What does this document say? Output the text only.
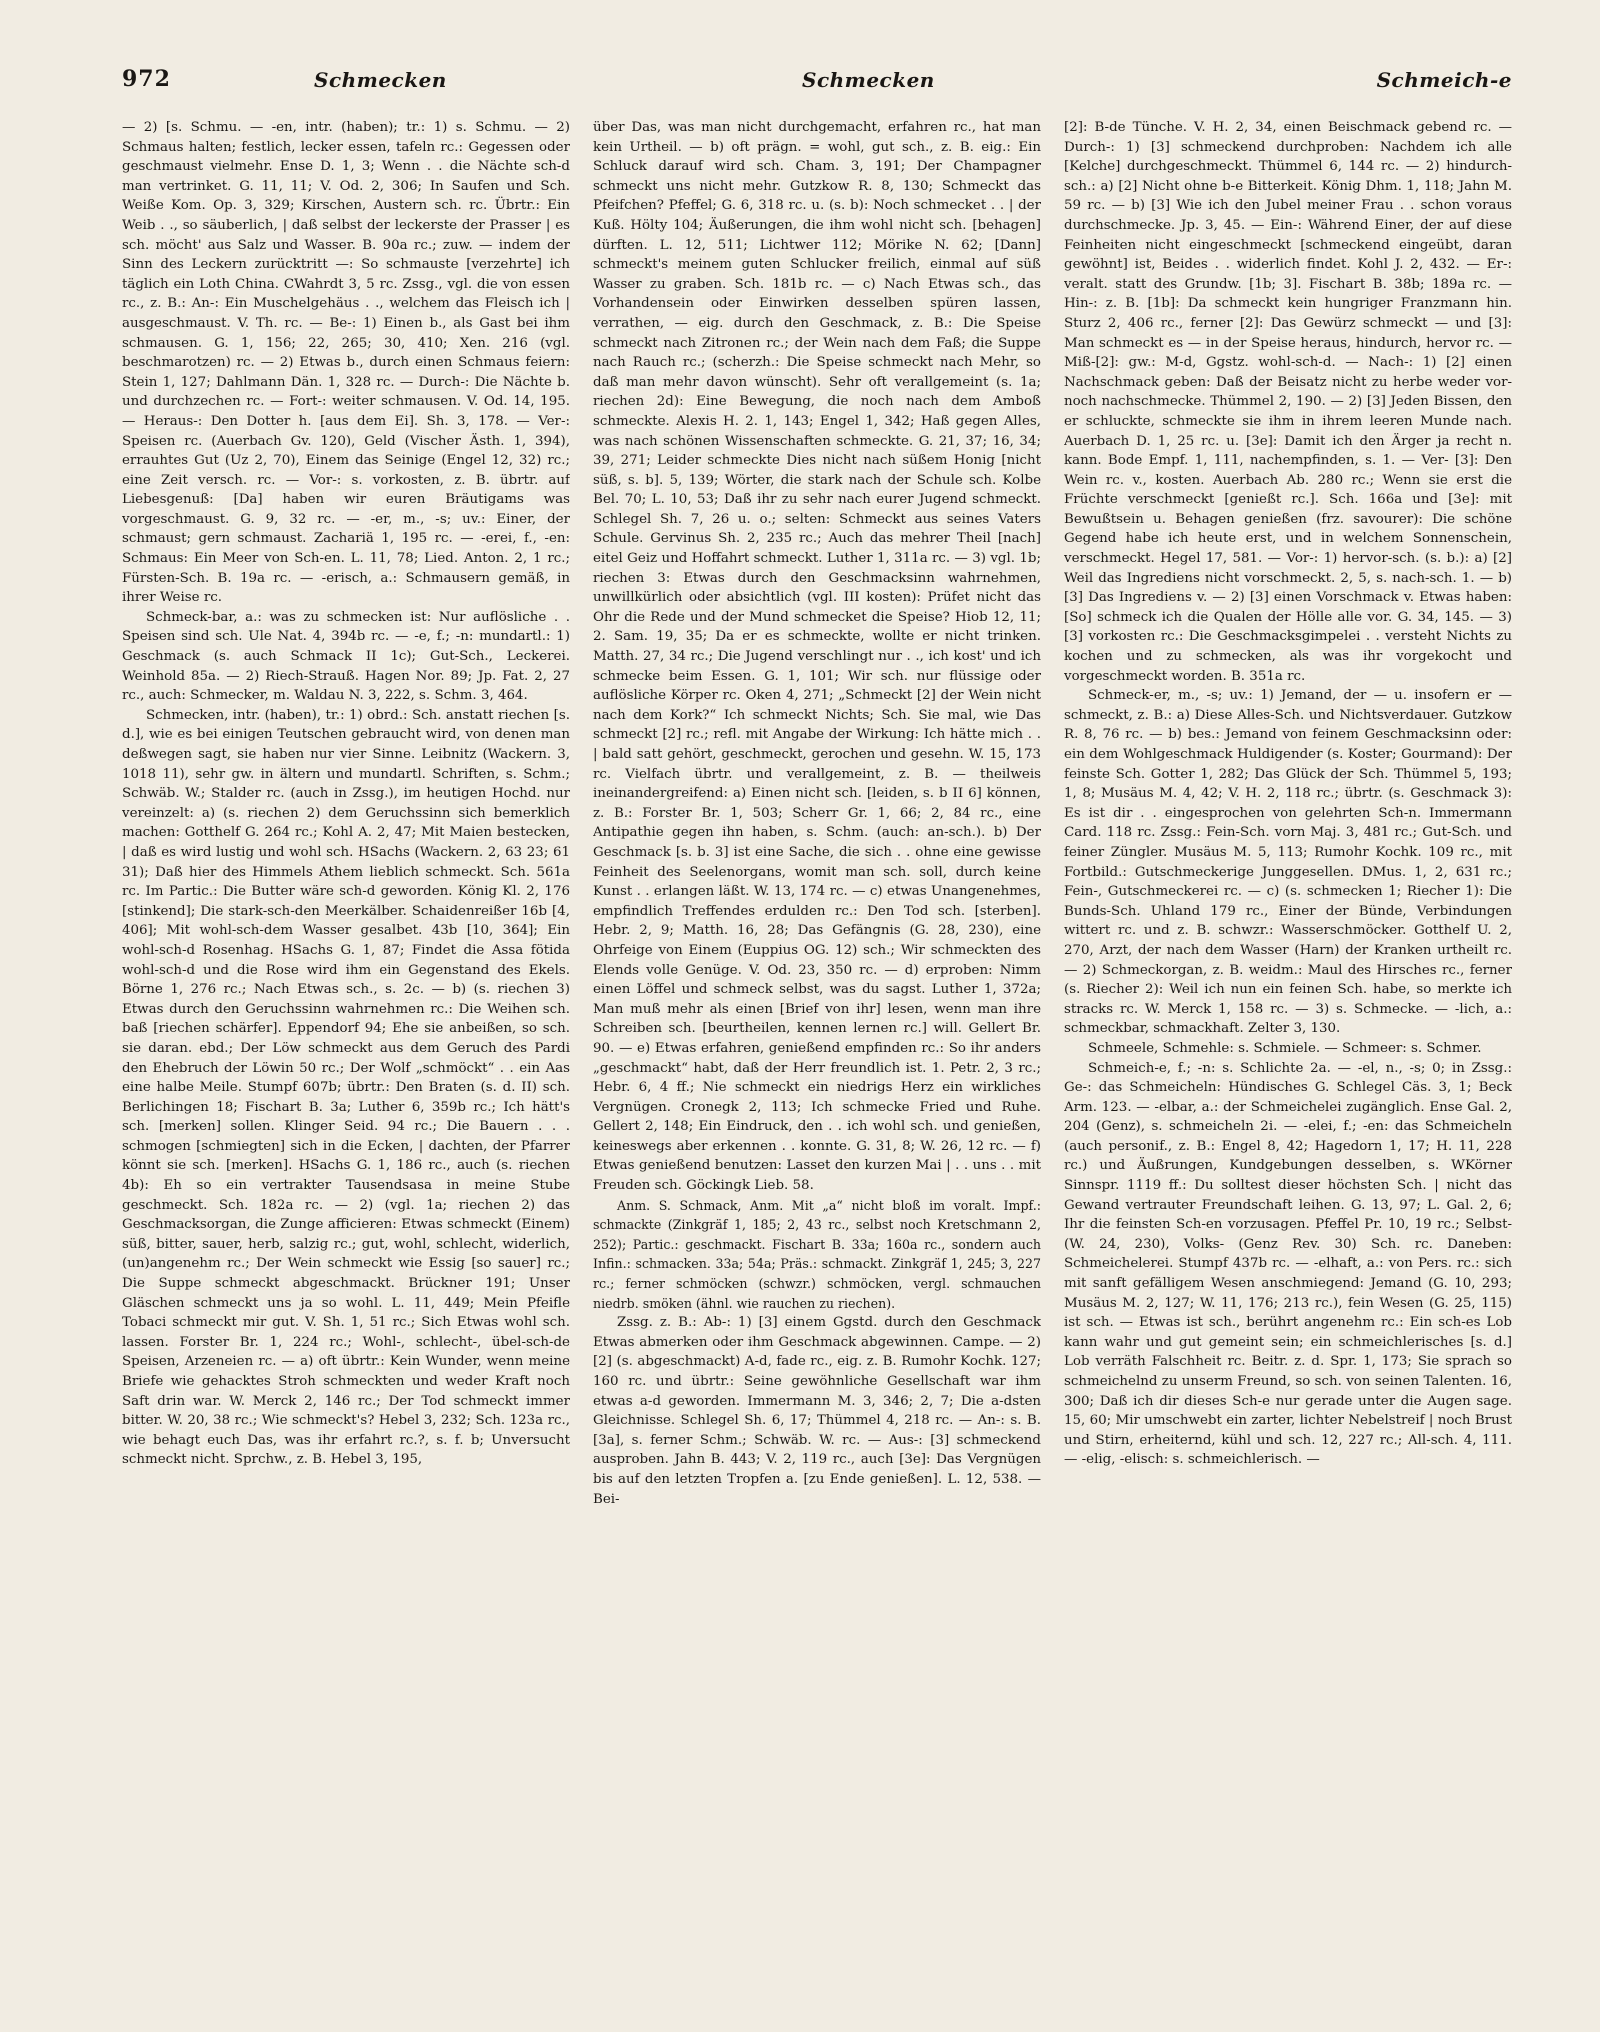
972	Schmecken	Schmecken	Schmeich-e

— 2) [s. Schmu. — -en, intr. (haben); tr.: 1) s. Schmu. — 2) Schmaus halten; festlich, lecker essen, tafeln rc.: Gegessen oder geschmaust vielmehr. Ense D. 1, 3; Wenn . . die Nächte sch-d man vertrinket. G. 11, 11; V. Od. 2, 306; In Saufen und Sch. Weiße Kom. Op. 3, 329; Kirschen, Austern sch. rc. Übrtr.: Ein Weib . ., so säuberlich, | daß selbst der leckerste der Prasser | es sch. möcht' aus Salz und Wasser. B. 90a rc.; zuw. — indem der Sinn des Leckern zurücktritt —: So schmauste [verzehrte] ich täglich ein Loth China. CWahrdt 3, 5 rc. Zssg., vgl. die von essen rc., z. B.: An-: Ein Muschelgehäus . ., welchem das Fleisch ich | ausgeschmaust. V. Th. rc. — Be-: 1) Einen b., als Gast bei ihm schmausen. G. 1, 156; 22, 265; 30, 410; Xen. 216 (vgl. beschmarotzen) rc. — 2) Etwas b., durch einen Schmaus feiern: Stein 1, 127; Dahlmann Dän. 1, 328 rc. — Durch-: Die Nächte b. und durchzechen rc. — Fort-: weiter schmausen. V. Od. 14, 195. — Heraus-: Den Dotter h. [aus dem Ei]. Sh. 3, 178. — Ver-: Speisen rc. (Auerbach Gv. 120), Geld (Vischer Ästh. 1, 394), errauhtes Gut (Uz 2, 70), Einem das Seinige (Engel 12, 32) rc.; eine Zeit versch. rc. — Vor-: s. vorkosten, z. B. übrtr. auf Liebesgenuß: [Da] haben wir euren Bräutigams was vorgeschmaust. G. 9, 32 rc. — -er, m., -s; uv.: Einer, der schmaust; gern schmaust. Zachariä 1, 195 rc. — -erei, f., -en: Schmaus: Ein Meer von Sch-en. L. 11, 78; Lied. Anton. 2, 1 rc.; Fürsten-Sch. B. 19a rc. — -erisch, a.: Schmausern gemäß, in ihrer Weise rc.

Schmeck-bar, a.: was zu schmecken ist: Nur auflösliche . . Speisen sind sch. Ule Nat. 4, 394b rc. — -e, f.; -n: mundartl.: 1) Geschmack (s. auch Schmack II 1c); Gut-Sch., Leckerei. Weinhold 85a. — 2) Riech-Strauß. Hagen Nor. 89; Jp. Fat. 2, 27 rc., auch: Schmecker, m. Waldau N. 3, 222, s. Schm. 3, 464.

Schmecken, intr. (haben), tr.: 1) obrd.: Sch. anstatt riechen [s. d.], wie es bei einigen Teutschen gebraucht wird, von denen man deßwegen sagt, sie haben nur vier Sinne. Leibnitz (Wackern. 3, 1018 11), sehr gw. in ältern und mundartl. Schriften, s. Schm.; Schwäb. W.; Stalder rc. (auch in Zssg.), im heutigen Hochd. nur vereinzelt: a) (s. riechen 2) dem Geruchssinn sich bemerklich machen: Gotthelf G. 264 rc.; Kohl A. 2, 47; Mit Maien bestecken, | daß es wird lustig und wohl sch. HSachs (Wackern. 2, 63 23; 61 31); Daß hier des Himmels Athem lieblich schmeckt. Sch. 561a rc. Im Partic.: Die Butter wäre sch-d geworden. König Kl. 2, 176 [stinkend]; Die stark-sch-den Meerkälber. Schaidenreißer 16b [4, 406]; Mit wohl-sch-dem Wasser gesalbet. 43b [10, 364]; Ein wohl-sch-d Rosenhag. HSachs G. 1, 87; Findet die Assa fötida wohl-sch-d und die Rose wird ihm ein Gegenstand des Ekels. Börne 1, 276 rc.; Nach Etwas sch., s. 2c. — b) (s. riechen 3) Etwas durch den Geruchssinn wahrnehmen rc.: Die Weihen sch. baß [riechen schärfer]. Eppendorf 94; Ehe sie anbeißen, so sch. sie daran. ebd.; Der Löw schmeckt aus dem Geruch des Pardi den Ehebruch der Löwin 50 rc.; Der Wolf „schmöckt“ . . ein Aas eine halbe Meile. Stumpf 607b; übrtr.: Den Braten (s. d. II) sch. Berlichingen 18; Fischart B. 3a; Luther 6, 359b rc.; Ich hätt's sch. [merken] sollen. Klinger Seid. 94 rc.; Die Bauern . . . schmogen [schmiegten] sich in die Ecken, | dachten, der Pfarrer könnt sie sch. [merken]. HSachs G. 1, 186 rc., auch (s. riechen 4b): Eh so ein vertrakter Tausendsasa in meine Stube geschmeckt. Sch. 182a rc. — 2) (vgl. 1a; riechen 2) das Geschmacksorgan, die Zunge afficieren: Etwas schmeckt (Einem) süß, bitter, sauer, herb, salzig rc.; gut, wohl, schlecht, widerlich, (un)angenehm rc.; Der Wein schmeckt wie Essig [so sauer] rc.; Die Suppe schmeckt abgeschmackt. Brückner 191; Unser Gläschen schmeckt uns ja so wohl. L. 11, 449; Mein Pfeifle Tobaci schmeckt mir gut. V. Sh. 1, 51 rc.; Sich Etwas wohl sch. lassen. Forster Br. 1, 224 rc.; Wohl-, schlecht-, übel-sch-de Speisen, Arzeneien rc. — a) oft übrtr.: Kein Wunder, wenn meine Briefe wie gehacktes Stroh schmeckten und weder Kraft noch Saft drin war. W. Merck 2, 146 rc.; Der Tod schmeckt immer bitter. W. 20, 38 rc.; Wie schmeckt's? Hebel 3, 232; Sch. 123a rc., wie behagt euch Das, was ihr erfahrt rc.?, s. f. b; Unversucht schmeckt nicht. Sprchw., z. B. Hebel 3, 195,

über Das, was man nicht durchgemacht, erfahren rc., hat man kein Urtheil. — b) oft prägn. = wohl, gut sch., z. B. eig.: Ein Schluck darauf wird sch. Cham. 3, 191; Der Champagner schmeckt uns nicht mehr. Gutzkow R. 8, 130; Schmeckt das Pfeifchen? Pfeffel; G. 6, 318 rc. u. (s. b): Noch schmecket . . | der Kuß. Hölty 104; Äußerungen, die ihm wohl nicht sch. [behagen] dürften. L. 12, 511; Lichtwer 112; Mörike N. 62; [Dann] schmeckt's meinem guten Schlucker freilich, einmal auf süß Wasser zu graben. Sch. 181b rc. — c) Nach Etwas sch., das Vorhandensein oder Einwirken desselben spüren lassen, verrathen, — eig. durch den Geschmack, z. B.: Die Speise schmeckt nach Zitronen rc.; der Wein nach dem Faß; die Suppe nach Rauch rc.; (scherzh.: Die Speise schmeckt nach Mehr, so daß man mehr davon wünscht). Sehr oft verallgemeint (s. 1a; riechen 2d): Eine Bewegung, die noch nach dem Amboß schmeckte. Alexis H. 2. 1, 143; Engel 1, 342; Haß gegen Alles, was nach schönen Wissenschaften schmeckte. G. 21, 37; 16, 34; 39, 271; Leider schmeckte Dies nicht nach süßem Honig [nicht süß, s. b]. 5, 139; Wörter, die stark nach der Schule sch. Kolbe Bel. 70; L. 10, 53; Daß ihr zu sehr nach eurer Jugend schmeckt. Schlegel Sh. 7, 26 u. o.; selten: Schmeckt aus seines Vaters Schule. Gervinus Sh. 2, 235 rc.; Auch das mehrer Theil [nach] eitel Geiz und Hoffahrt schmeckt. Luther 1, 311a rc. — 3) vgl. 1b; riechen 3: Etwas durch den Geschmacksinn wahrnehmen, unwillkürlich oder absichtlich (vgl. III kosten): Prüfet nicht das Ohr die Rede und der Mund schmecket die Speise? Hiob 12, 11; 2. Sam. 19, 35; Da er es schmeckte, wollte er nicht trinken. Matth. 27, 34 rc.; Die Jugend verschlingt nur . ., ich kost' und ich schmecke beim Essen. G. 1, 101; Wir sch. nur flüssige oder auflösliche Körper rc. Oken 4, 271; „Schmeckt [2] der Wein nicht nach dem Kork?“ Ich schmeckt Nichts; Sch. Sie mal, wie Das schmeckt [2] rc.; refl. mit Angabe der Wirkung: Ich hätte mich . . | bald satt gehört, geschmeckt, gerochen und gesehn. W. 15, 173 rc. Vielfach übrtr. und verallgemeint, z. B. — theilweis ineinandergreifend: a) Einen nicht sch. [leiden, s. b II 6] können, z. B.: Forster Br. 1, 503; Scherr Gr. 1, 66; 2, 84 rc., eine Antipathie gegen ihn haben, s. Schm. (auch: an-sch.). b) Der Geschmack [s. b. 3] ist eine Sache, die sich . . ohne eine gewisse Feinheit des Seelenorgans, womit man sch. soll, durch keine Kunst . . erlangen läßt. W. 13, 174 rc. — c) etwas Unangenehmes, empfindlich Treffendes erdulden rc.: Den Tod sch. [sterben]. Hebr. 2, 9; Matth. 16, 28; Das Gefängnis (G. 28, 230), eine Ohrfeige von Einem (Euppius OG. 12) sch.; Wir schmeckten des Elends volle Genüge. V. Od. 23, 350 rc. — d) erproben: Nimm einen Löffel und schmeck selbst, was du sagst. Luther 1, 372a; Man muß mehr als einen [Brief von ihr] lesen, wenn man ihre Schreiben sch. [beurtheilen, kennen lernen rc.] will. Gellert Br. 90. — e) Etwas erfahren, genießend empfinden rc.: So ihr anders „geschmackt“ habt, daß der Herr freundlich ist. 1. Petr. 2, 3 rc.; Hebr. 6, 4 ff.; Nie schmeckt ein niedrigs Herz ein wirkliches Vergnügen. Cronegk 2, 113; Ich schmecke Fried und Ruhe. Gellert 2, 148; Ein Eindruck, den . . ich wohl sch. und genießen, keineswegs aber erkennen . . konnte. G. 31, 8; W. 26, 12 rc. — f) Etwas genießend benutzen: Lasset den kurzen Mai | . . uns . . mit Freuden sch. Göckingk Lieb. 58.

Anm. S. Schmack, Anm. Mit „a“ nicht bloß im voralt. Impf.: schmackte (Zinkgräf 1, 185; 2, 43 rc., selbst noch Kretschmann 2, 252); Partic.: geschmackt. Fischart B. 33a; 160a rc., sondern auch Infin.: schmacken. 33a; 54a; Präs.: schmackt. Zinkgräf 1, 245; 3, 227 rc.; ferner schmöcken (schwzr.) schmöcken, vergl. schmauchen niedrb. smöken (ähnl. wie rauchen zu riechen).

Zssg. z. B.: Ab-: 1) [3] einem Ggstd. durch den Geschmack Etwas abmerken oder ihm Geschmack abgewinnen. Campe. — 2) [2] (s. abgeschmackt) A-d, fade rc., eig. z. B. Rumohr Kochk. 127; 160 rc. und übrtr.: Seine gewöhnliche Gesellschaft war ihm etwas a-d geworden. Immermann M. 3, 346; 2, 7; Die a-dsten Gleichnisse. Schlegel Sh. 6, 17; Thümmel 4, 218 rc. — An-: s. B. [3a], s. ferner Schm.; Schwäb. W. rc. — Aus-: [3] schmeckend ausproben. Jahn B. 443; V. 2, 119 rc., auch [3e]: Das Vergnügen bis auf den letzten Tropfen a. [zu Ende genießen]. L. 12, 538. — Bei-

[2]: B-de Tünche. V. H. 2, 34, einen Beischmack gebend rc. — Durch-: 1) [3] schmeckend durchproben: Nachdem ich alle [Kelche] durchgeschmeckt. Thümmel 6, 144 rc. — 2) hindurch-sch.: a) [2] Nicht ohne b-e Bitterkeit. König Dhm. 1, 118; Jahn M. 59 rc. — b) [3] Wie ich den Jubel meiner Frau . . schon voraus durchschmecke. Jp. 3, 45. — Ein-: Während Einer, der auf diese Feinheiten nicht eingeschmeckt [schmeckend eingeübt, daran gewöhnt] ist, Beides . . widerlich findet. Kohl J. 2, 432. — Er-: veralt. statt des Grundw. [1b; 3]. Fischart B. 38b; 189a rc. — Hin-: z. B. [1b]: Da schmeckt kein hungriger Franzmann hin. Sturz 2, 406 rc., ferner [2]: Das Gewürz schmeckt — und [3]: Man schmeckt es — in der Speise heraus, hindurch, hervor rc. — Miß-[2]: gw.: M-d, Ggstz. wohl-sch-d. — Nach-: 1) [2] einen Nachschmack geben: Daß der Beisatz nicht zu herbe weder vor- noch nachschmecke. Thümmel 2, 190. — 2) [3] Jeden Bissen, den er schluckte, schmeckte sie ihm in ihrem leeren Munde nach. Auerbach D. 1, 25 rc. u. [3e]: Damit ich den Ärger ja recht n. kann. Bode Empf. 1, 111, nachempfinden, s. 1. — Ver- [3]: Den Wein rc. v., kosten. Auerbach Ab. 280 rc.; Wenn sie erst die Früchte verschmeckt [genießt rc.]. Sch. 166a und [3e]: mit Bewußtsein u. Behagen genießen (frz. savourer): Die schöne Gegend habe ich heute erst, und in welchem Sonnenschein, verschmeckt. Hegel 17, 581. — Vor-: 1) hervor-sch. (s. b.): a) [2] Weil das Ingrediens nicht vorschmeckt. 2, 5, s. nach-sch. 1. — b) [3] Das Ingrediens v. — 2) [3] einen Vorschmack v. Etwas haben: [So] schmeck ich die Qualen der Hölle alle vor. G. 34, 145. — 3) [3] vorkosten rc.: Die Geschmacksgimpelei . . versteht Nichts zu kochen und zu schmecken, als was ihr vorgekocht und vorgeschmeckt worden. B. 351a rc.

Schmeck-er, m., -s; uv.: 1) Jemand, der — u. insofern er — schmeckt, z. B.: a) Diese Alles-Sch. und Nichtsverdauer. Gutzkow R. 8, 76 rc. — b) bes.: Jemand von feinem Geschmacksinn oder: ein dem Wohlgeschmack Huldigender (s. Koster; Gourmand): Der feinste Sch. Gotter 1, 282; Das Glück der Sch. Thümmel 5, 193; 1, 8; Musäus M. 4, 42; V. H. 2, 118 rc.; übrtr. (s. Geschmack 3): Es ist dir . . eingesprochen von gelehrten Sch-n. Immermann Card. 118 rc. Zssg.: Fein-Sch. vorn Maj. 3, 481 rc.; Gut-Sch. und feiner Züngler. Musäus M. 5, 113; Rumohr Kochk. 109 rc., mit Fortbild.: Gutschmeckerige Junggesellen. DMus. 1, 2, 631 rc.; Fein-, Gutschmeckerei rc. — c) (s. schmecken 1; Riecher 1): Die Bunds-Sch. Uhland 179 rc., Einer der Bünde, Verbindungen wittert rc. und z. B. schwzr.: Wasserschmöcker. Gotthelf U. 2, 270, Arzt, der nach dem Wasser (Harn) der Kranken urtheilt rc. — 2) Schmeckorgan, z. B. weidm.: Maul des Hirsches rc., ferner (s. Riecher 2): Weil ich nun ein feinen Sch. habe, so merkte ich stracks rc. W. Merck 1, 158 rc. — 3) s. Schmecke. — -lich, a.: schmeckbar, schmackhaft. Zelter 3, 130.

Schmeele, Schmehle: s. Schmiele. — Schmeer: s. Schmer.

Schmeich-e, f.; -n: s. Schlichte 2a. — -el, n., -s; 0; in Zssg.: Ge-: das Schmeicheln: Hündisches G. Schlegel Cäs. 3, 1; Beck Arm. 123. — -elbar, a.: der Schmeichelei zugänglich. Ense Gal. 2, 204 (Genz), s. schmeicheln 2i. — -elei, f.; -en: das Schmeicheln (auch personif., z. B.: Engel 8, 42; Hagedorn 1, 17; H. 11, 228 rc.) und Äußrungen, Kundgebungen desselben, s. WKörner Sinnspr. 1119 ff.: Du solltest dieser höchsten Sch. | nicht das Gewand vertrauter Freundschaft leihen. G. 13, 97; L. Gal. 2, 6; Ihr die feinsten Sch-en vorzusagen. Pfeffel Pr. 10, 19 rc.; Selbst- (W. 24, 230), Volks- (Genz Rev. 30) Sch. rc. Daneben: Schmeichelerei. Stumpf 437b rc. — -elhaft, a.: von Pers. rc.: sich mit sanft gefälligem Wesen anschmiegend: Jemand (G. 10, 293; Musäus M. 2, 127; W. 11, 176; 213 rc.), fein Wesen (G. 25, 115) ist sch. — Etwas ist sch., berührt angenehm rc.: Ein sch-es Lob kann wahr und gut gemeint sein; ein schmeichlerisches [s. d.] Lob verräth Falschheit rc. Beitr. z. d. Spr. 1, 173; Sie sprach so schmeichelnd zu unserm Freund, so sch. von seinen Talenten. 16, 300; Daß ich dir dieses Sch-e nur gerade unter die Augen sage. 15, 60; Mir umschwebt ein zarter, lichter Nebelstreif | noch Brust und Stirn, erheiternd, kühl und sch. 12, 227 rc.; All-sch. 4, 111. — -elig, -elisch: s. schmeichlerisch. —
